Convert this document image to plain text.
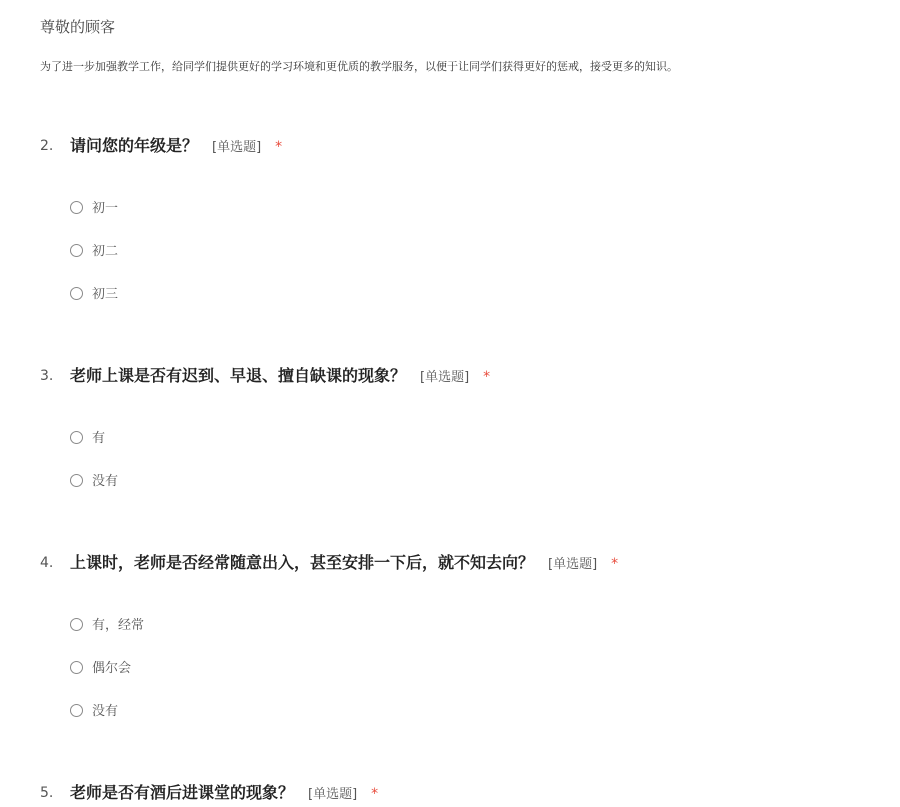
尊敬的顾客
为了进一步加强教学工作，给同学们提供更好的学习环境和更优质的教学服务，以便于让同学们获得更好的惩戒，接受更多的知识。
2. 请问您的年级是？ [单选题] *
初一
初二
初三
3. 老师上课是否有迟到、早退、擅自缺课的现象？ [单选题] *
有
没有
4. 上课时，老师是否经常随意出入，甚至安排一下后，就不知去向？ [单选题] *
有，经常
偶尔会
没有
5. 老师是否有酒后进课堂的现象？ [单选题] *
